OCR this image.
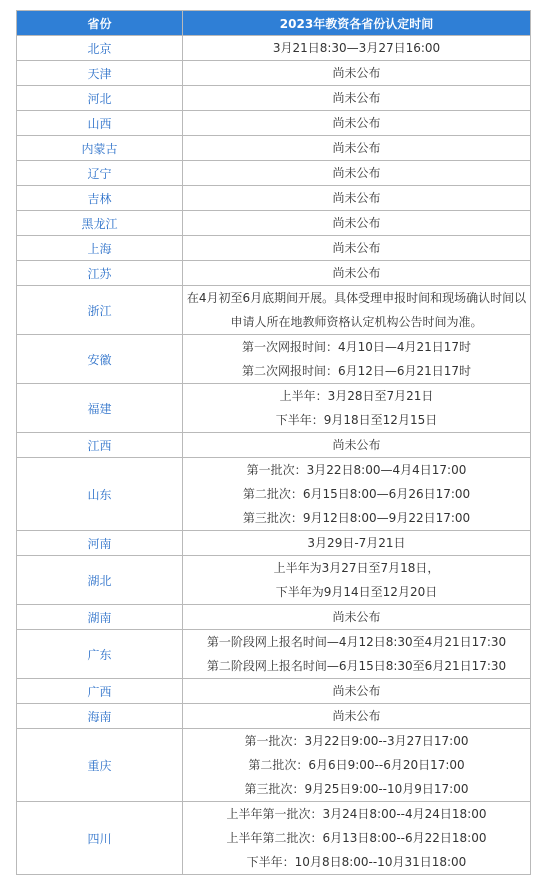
省份	2023年教资各省份认定时间
北京	3月21日8:30—3月27日16:00

天津	尚未公布

河北	尚未公布

山西	尚未公布

内蒙古	尚未公布

辽宁	尚未公布

吉林	尚未公布

黑龙江	尚未公布

上海	尚未公布

江苏	尚未公布

浙江	在4月初至6月底期间开展。具体受理申报时间和现场确认时间以
申请人所在地教师资格认定机构公告时间为准。

安徽	第一次网报时间：4月10日—4月21日17时
第二次网报时间：6月12日—6月21日17时

福建	上半年：3月28日至7月21日
下半年：9月18日至12月15日

江西	尚未公布

山东	第一批次：3月22日8:00—4月4日17:00
第二批次：6月15日8:00—6月26日17:00
第三批次：9月12日8:00—9月22日17:00

河南	3月29日-7月21日

湖北	上半年为3月27日至7月18日，
下半年为9月14日至12月20日

湖南	尚未公布

广东	第一阶段网上报名时间—4月12日8:30至4月21日17:30
第二阶段网上报名时间—6月15日8:30至6月21日17:30

广西	尚未公布

海南	尚未公布

重庆	第一批次：3月22日9:00--3月27日17:00
第二批次：6月6日9:00--6月20日17:00
第三批次：9月25日9:00--10月9日17:00

四川	上半年第一批次：3月24日8:00--4月24日18:00
上半年第二批次：6月13日8:00--6月22日18:00
下半年：10月8日8:00--10月31日18:00
